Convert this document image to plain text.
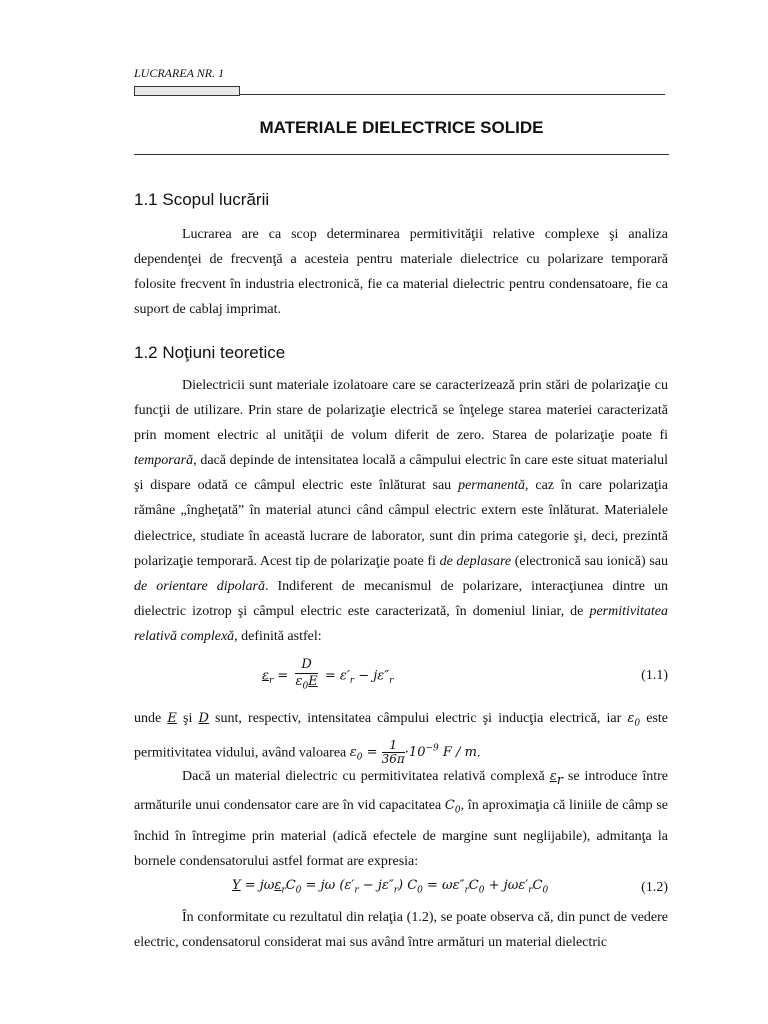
LUCRAREA NR. 1
MATERIALE DIELECTRICE SOLIDE
1.1 Scopul lucrării

Lucrarea are ca scop determinarea permitivităţii relative complexe şi analiza dependenţei de frecvenţă a acesteia pentru materiale dielectrice cu polarizare temporară folosite frecvent în industria electronică, fie ca material dielectric pentru condensatoare, fie ca suport de cablaj imprimat.

1.2 Noţiuni teoretice

Dielectricii sunt materiale izolatoare care se caracterizează prin stări de polarizaţie cu funcţii de utilizare. Prin stare de polarizaţie electrică se înţelege starea materiei caracterizată prin moment electric al unităţii de volum diferit de zero. Starea de polarizaţie poate fi temporară, dacă depinde de intensitatea locală a câmpului electric în care este situat materialul şi dispare odată ce câmpul electric este înlăturat sau permanentă, caz în care polarizaţia rămâne „îngheţată” în material atunci când câmpul electric extern este înlăturat. Materialele dielectrice, studiate în această lucrare de laborator, sunt din prima categorie şi, deci, prezintă polarizaţie temporară. Acest tip de polarizaţie poate fi de deplasare (electronică sau ionică) sau de orientare dipolară. Indiferent de mecanismul de polarizare, interacţiunea dintre un dielectric izotrop şi câmpul electric este caracterizată, în domeniul liniar, de permitivitatea relativă complexă, definită astfel:

$\varepsilon_r = \frac{D}{\varepsilon_0E} = \varepsilon'_r - j\varepsilon''_r$	(1.1)

unde E şi D sunt, respectiv, intensitatea câmpului electric şi inducţia electrică, iar $\varepsilon_0$ este permitivitatea vidului, având valoarea $\varepsilon_0 = \frac{1}{36\pi} \cdot 10^{-9}$ F / m.

Dacă un material dielectric cu permitivitatea relativă complexă $\varepsilon_r$ se introduce între armăturile unui condensator care are în vid capacitatea $C_0$, în aproximaţia că liniile de câmp se închid în întregime prin material (adică efectele de margine sunt neglijabile), admitanţa la bornele condensatorului astfel format are expresia:

$Y = j\omega\varepsilon_rC_0 = j\omega$ $(\varepsilon'_r - j\varepsilon''_r) C_0 = \omega\varepsilon''_rC_0 + j\omega\varepsilon'_rC_0$	(1.2)

În conformitate cu rezultatul din relaţia (1.2), se poate observa că, din punct de vedere electric, condensatorul considerat mai sus având între armături un material dielectric
